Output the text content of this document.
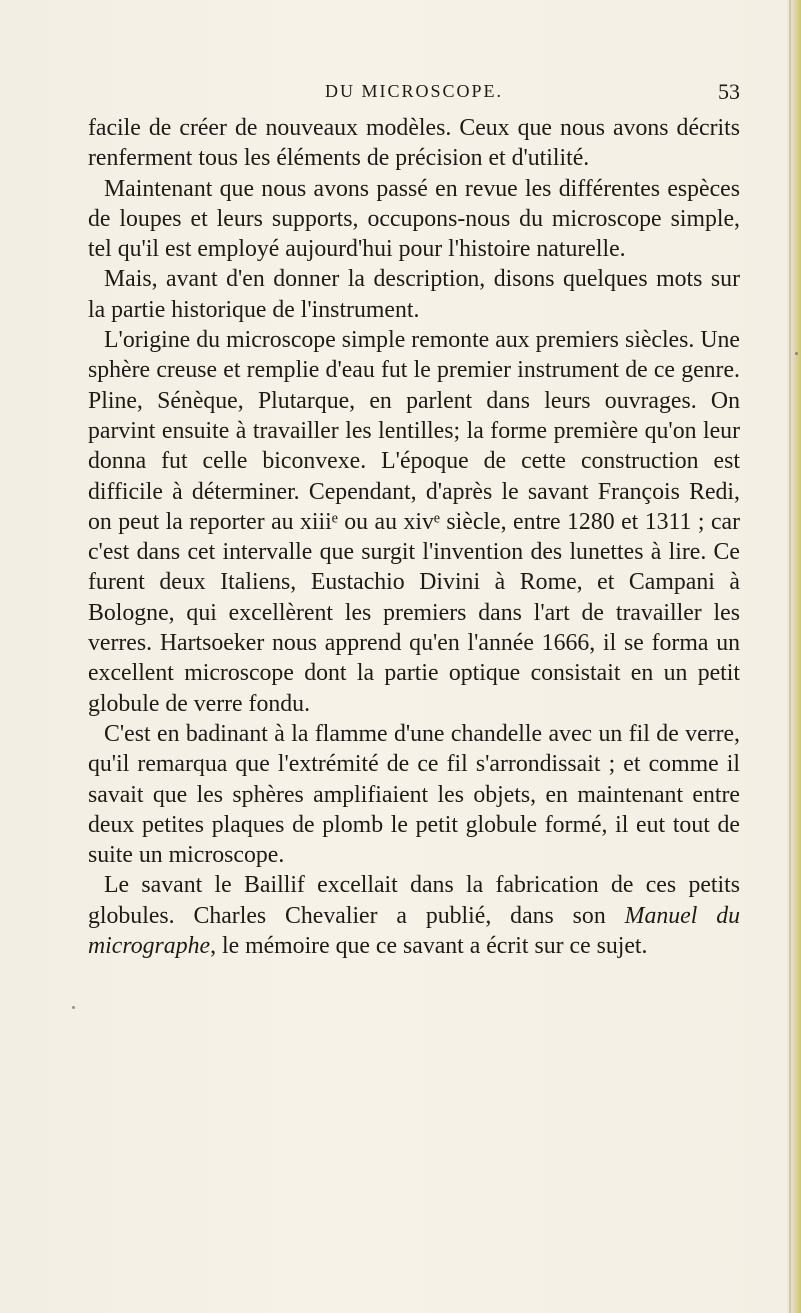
DU MICROSCOPE.	53

facile de créer de nouveaux modèles. Ceux que nous avons décrits renferment tous les éléments de précision et d'utilité.

Maintenant que nous avons passé en revue les différentes espèces de loupes et leurs supports, occupons-nous du microscope simple, tel qu'il est employé aujourd'hui pour l'histoire naturelle.

Mais, avant d'en donner la description, disons quelques mots sur la partie historique de l'instrument.

L'origine du microscope simple remonte aux premiers siècles. Une sphère creuse et remplie d'eau fut le premier instrument de ce genre. Pline, Sénèque, Plutarque, en parlent dans leurs ouvrages. On parvint ensuite à travailler les lentilles; la forme première qu'on leur donna fut celle biconvexe. L'époque de cette construction est difficile à déterminer. Cependant, d'après le savant François Redi, on peut la reporter au xiiiᵉ ou au xivᵉ siècle, entre 1280 et 1311 ; car c'est dans cet intervalle que surgit l'invention des lunettes à lire. Ce furent deux Italiens, Eustachio Divini à Rome, et Campani à Bologne, qui excellèrent les premiers dans l'art de travailler les verres. Hartsoeker nous apprend qu'en l'année 1666, il se forma un excellent microscope dont la partie optique consistait en un petit globule de verre fondu.

C'est en badinant à la flamme d'une chandelle avec un fil de verre, qu'il remarqua que l'extrémité de ce fil s'arrondissait ; et comme il savait que les sphères amplifiaient les objets, en maintenant entre deux petites plaques de plomb le petit globule formé, il eut tout de suite un microscope.

Le savant le Baillif excellait dans la fabrication de ces petits globules. Charles Chevalier a publié, dans son Manuel du micrographe, le mémoire que ce savant a écrit sur ce sujet.
